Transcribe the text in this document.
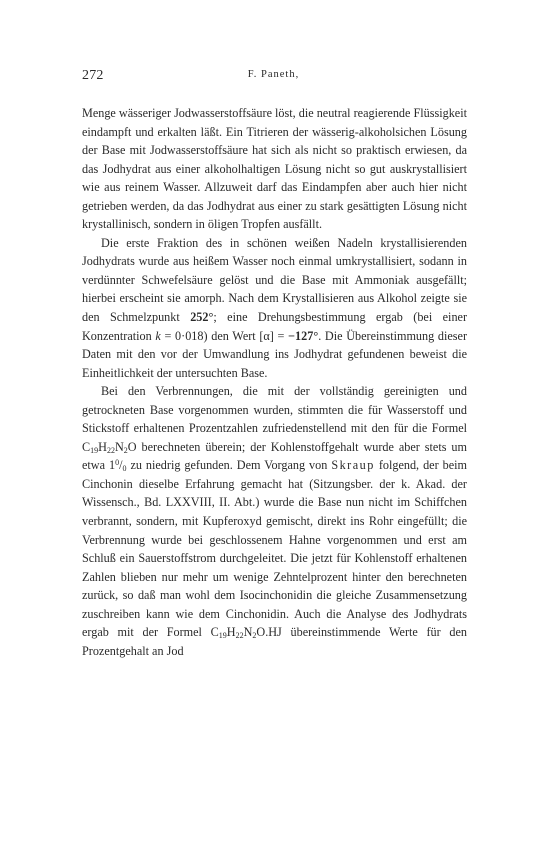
272	F. Paneth,

Menge wässeriger Jodwasserstoffsäure löst, die neutral reagierende Flüssigkeit eindampft und erkalten läßt. Ein Titrieren der wässerig-alkoholsichen Lösung der Base mit Jodwasserstoffsäure hat sich als nicht so praktisch erwiesen, da das Jodhydrat aus einer alkoholhaltigen Lösung nicht so gut auskrystallisiert wie aus reinem Wasser. Allzuweit darf das Eindampfen aber auch hier nicht getrieben werden, da das Jodhydrat aus einer zu stark gesättigten Lösung nicht krystallinisch, sondern in öligen Tropfen ausfällt.

Die erste Fraktion des in schönen weißen Nadeln krystallisierenden Jodhydrats wurde aus heißem Wasser noch einmal umkrystallisiert, sodann in verdünnter Schwefelsäure gelöst und die Base mit Ammoniak ausgefällt; hierbei erscheint sie amorph. Nach dem Krystallisieren aus Alkohol zeigte sie den Schmelzpunkt 252°; eine Drehungsbestimmung ergab (bei einer Konzentration k = 0·018) den Wert [α] = −127°. Die Übereinstimmung dieser Daten mit den vor der Umwandlung ins Jodhydrat gefundenen beweist die Einheitlichkeit der untersuchten Base.

Bei den Verbrennungen, die mit der vollständig gereinigten und getrockneten Base vorgenommen wurden, stimmten die für Wasserstoff und Stickstoff erhaltenen Prozentzahlen zufriedenstellend mit den für die Formel $C_{19}H_{22}N_2O$ berechneten überein; der Kohlenstoffgehalt wurde aber stets um etwa $1^0/_0$ zu niedrig gefunden. Dem Vorgang von Skraup folgend, der beim Cinchonin dieselbe Erfahrung gemacht hat (Sitzungsber. der k. Akad. der Wissensch., Bd. LXXVIII, II. Abt.) wurde die Base nun nicht im Schiffchen verbrannt, sondern, mit Kupferoxyd gemischt, direkt ins Rohr eingefüllt; die Verbrennung wurde bei geschlossenem Hahne vorgenommen und erst am Schluß ein Sauerstoffstrom durchgeleitet. Die jetzt für Kohlenstoff erhaltenen Zahlen blieben nur mehr um wenige Zehntelprozent hinter den berechneten zurück, so daß man wohl dem Isocinchonidin die gleiche Zusammensetzung zuschreiben kann wie dem Cinchonidin. Auch die Analyse des Jodhydrats ergab mit der Formel $C_{19}H_{22}N_2O.HJ$ übereinstimmende Werte für den Prozentgehalt an Jod
